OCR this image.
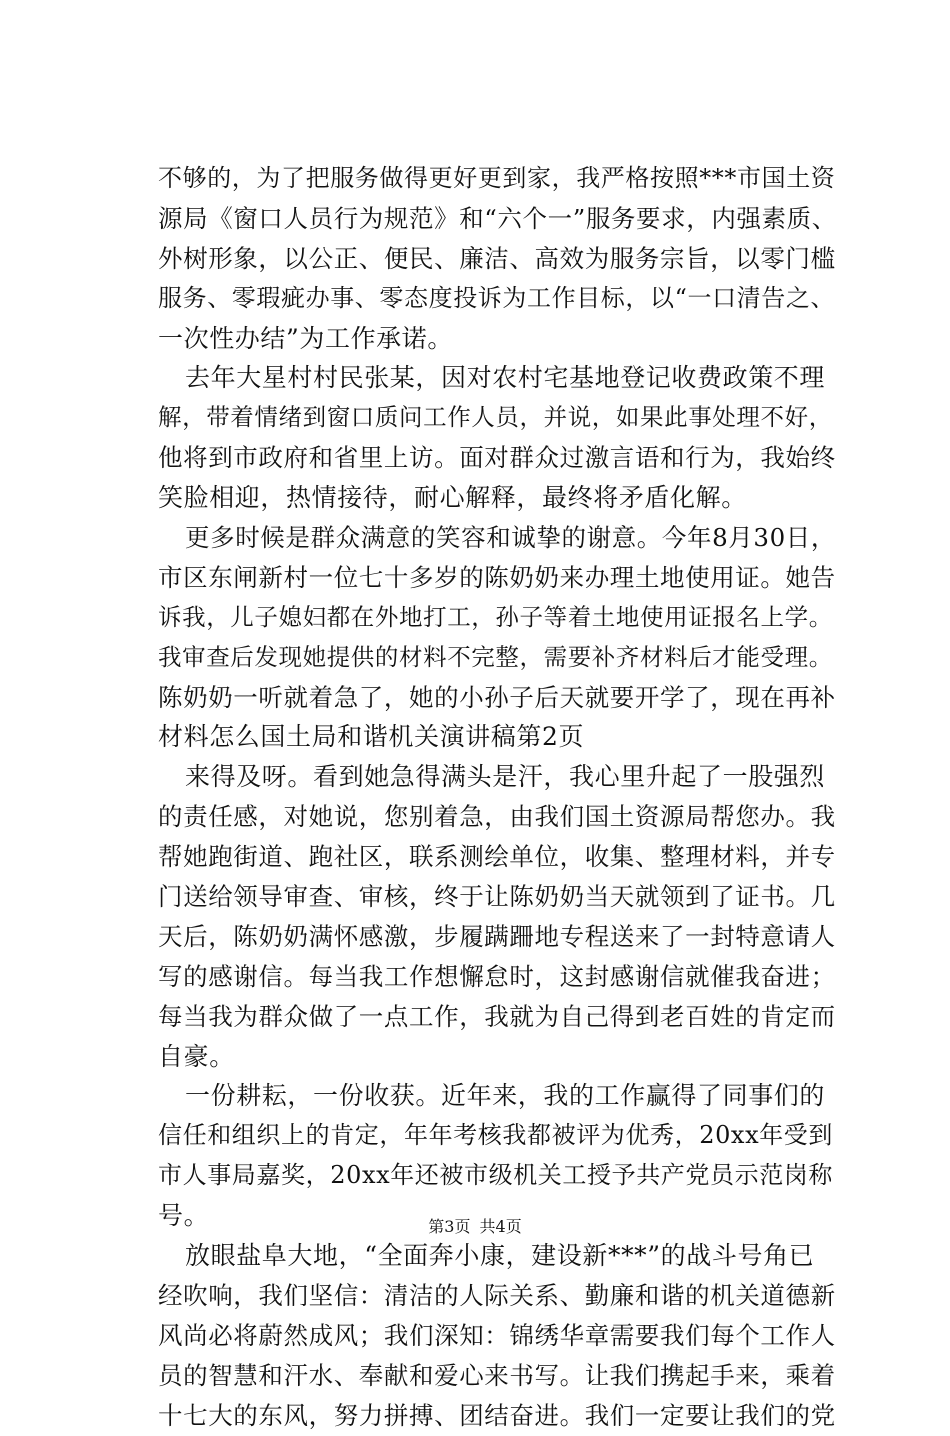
不够的，为了把服务做得更好更到家，我严格按照***市国土资
源局《窗口人员行为规范》和“六个一”服务要求，内强素质、
外树形象，以公正、便民、廉洁、高效为服务宗旨，以零门槛
服务、零瑕疵办事、零态度投诉为工作目标，以“一口清告之、
一次性办结”为工作承诺。
去年大星村村民张某，因对农村宅基地登记收费政策不理
解，带着情绪到窗口质问工作人员，并说，如果此事处理不好，
他将到市政府和省里上访。面对群众过激言语和行为，我始终
笑脸相迎，热情接待，耐心解释，最终将矛盾化解。
更多时候是群众满意的笑容和诚挚的谢意。今年8月30日，
市区东闸新村一位七十多岁的陈奶奶来办理土地使用证。她告
诉我，儿子媳妇都在外地打工，孙子等着土地使用证报名上学。
我审查后发现她提供的材料不完整，需要补齐材料后才能受理。
陈奶奶一听就着急了，她的小孙子后天就要开学了，现在再补
材料怎么国土局和谐机关演讲稿第2页
来得及呀。看到她急得满头是汗，我心里升起了一股强烈
的责任感，对她说，您别着急，由我们国土资源局帮您办。我
帮她跑街道、跑社区，联系测绘单位，收集、整理材料，并专
门送给领导审查、审核，终于让陈奶奶当天就领到了证书。几
天后，陈奶奶满怀感激，步履蹒跚地专程送来了一封特意请人
写的感谢信。每当我工作想懈怠时，这封感谢信就催我奋进；
每当我为群众做了一点工作，我就为自己得到老百姓的肯定而
自豪。
一份耕耘，一份收获。近年来，我的工作赢得了同事们的
信任和组织上的肯定，年年考核我都被评为优秀，20xx年受到
市人事局嘉奖，20xx年还被市级机关工授予共产党员示范岗称
号。
放眼盐阜大地，“全面奔小康，建设新***”的战斗号角已
经吹响，我们坚信：清洁的人际关系、勤廉和谐的机关道德新
风尚必将蔚然成风；我们深知：锦绣华章需要我们每个工作人
员的智慧和汗水、奉献和爱心来书写。让我们携起手来，乘着
十七大的东风，努力拼搏、团结奋进。我们一定要让我们的党
第3页 共4页
